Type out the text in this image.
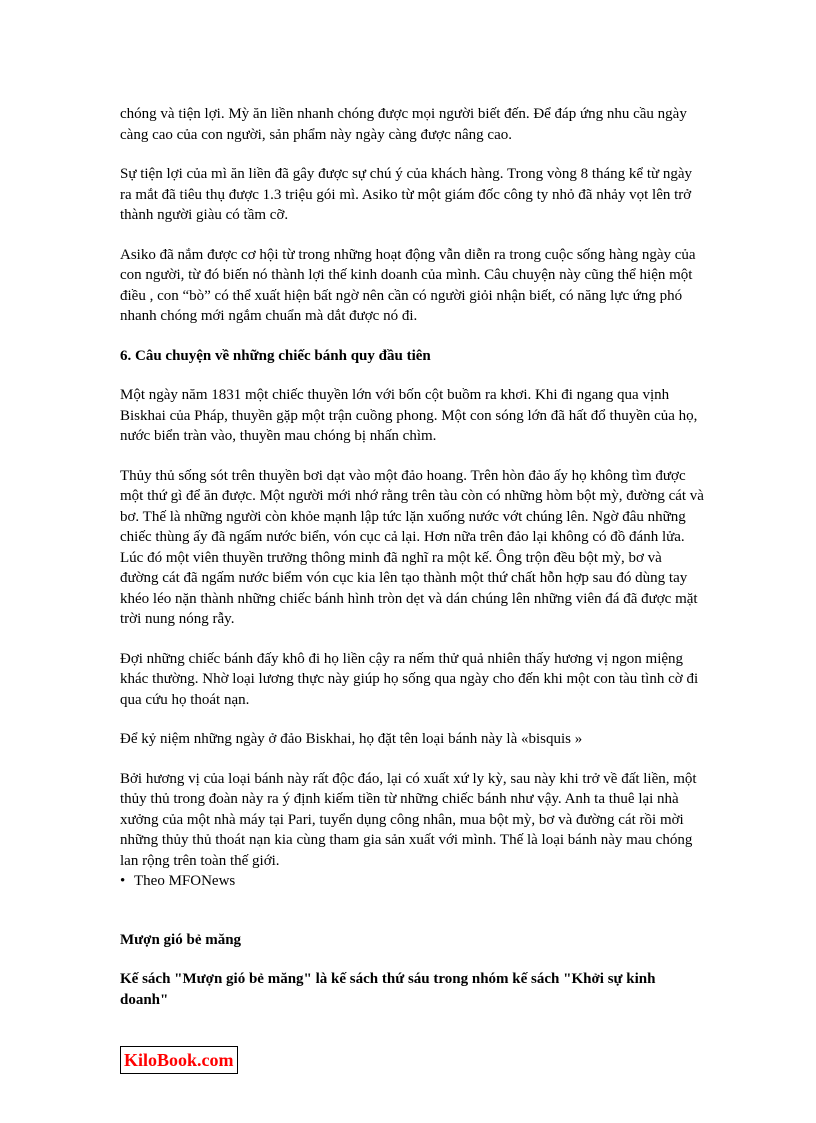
chóng và tiện lợi. Mỳ ăn liền nhanh chóng được mọi người biết đến. Để đáp ứng nhu cầu ngày càng cao của con người, sản phẩm này ngày càng được nâng cao.

Sự tiện lợi của mì ăn liền đã gây được sự chú ý của khách hàng. Trong vòng 8 tháng kể từ ngày ra mắt đã tiêu thụ được 1.3 triệu gói mì. Asiko từ một giám đốc công ty nhỏ đã nhảy vọt lên trở thành người giàu có tầm cỡ.

Asiko đã nắm được cơ hội từ trong những hoạt động vẫn diễn ra trong cuộc sống hàng ngày của con người, từ đó biến nó thành lợi thế kinh doanh của mình. Câu chuyện này cũng thể hiện một điều , con “bò” có thể xuất hiện bất ngờ nên cần có người giỏi nhận biết, có năng lực ứng phó nhanh chóng mới ngắm chuẩn mà dắt được nó đi.

6. Câu chuyện về những chiếc bánh quy đầu tiên

Một ngày năm 1831 một chiếc thuyền lớn với bốn cột buồm ra khơi. Khi đi ngang qua vịnh Biskhai của Pháp, thuyền gặp một trận cuồng phong. Một con sóng lớn đã hất đổ thuyền của họ, nước biển tràn vào, thuyền mau chóng bị nhấn chìm.

Thủy thủ sống sót trên thuyền bơi dạt vào một đảo hoang. Trên hòn đảo ấy họ không tìm được một thứ gì để ăn được. Một người mới nhớ rằng trên tàu còn có những hòm bột mỳ, đường cát và bơ. Thế là những người còn khỏe mạnh lập tức lặn xuống nước vớt chúng lên. Ngờ đâu những chiếc thùng ấy đã ngấm nước biển, vón cục cả lại. Hơn nữa trên đảo lại không có đồ đánh lửa. Lúc đó một viên thuyền trưởng thông minh đã nghĩ ra một kế. Ông trộn đều bột mỳ, bơ và đường cát đã ngấm nước biểm vón cục kia lên tạo thành một thứ chất hỗn hợp sau đó dùng tay khéo léo nặn thành những chiếc bánh hình tròn dẹt và dán chúng lên những viên đá đã được mặt trời nung nóng rẫy.

Đợi những chiếc bánh đấy khô đi họ liền cậy ra nếm thử quả nhiên thấy hương vị ngon miệng khác thường. Nhờ loại lương thực này giúp họ sống qua ngày cho đến khi một con tàu tình cờ đi qua cứu họ thoát nạn.

Để kỷ niệm những ngày ở đảo Biskhai, họ đặt tên loại bánh này là «bisquis »

Bởi hương vị của loại bánh này rất độc đáo, lại có xuất xứ ly kỳ, sau này khi trở về đất liền, một thủy thủ trong đoàn này ra ý định kiếm tiền từ những chiếc bánh như vậy. Anh ta thuê lại nhà xưởng của một nhà máy tại Pari, tuyển dụng công nhân, mua bột mỳ, bơ và đường cát rồi mời những thủy thủ thoát nạn kia cùng tham gia sản xuất với mình. Thế là loại bánh này mau chóng lan rộng trên toàn thế giới.

• Theo MFONews

Mượn gió bẻ măng

Kế sách "Mượn gió bẻ măng" là kế sách thứ sáu trong nhóm kế sách "Khởi sự kinh doanh"

KiloBook.com
